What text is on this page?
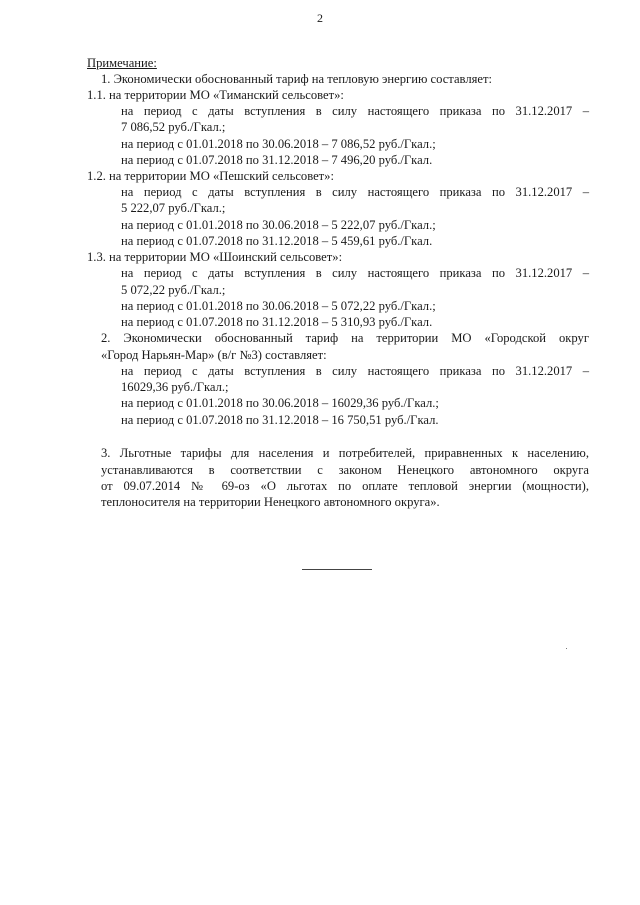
2
Примечание:
1. Экономически обоснованный тариф на тепловую энергию составляет:
1.1. на территории МО «Тиманский сельсовет»:
на период с даты вступления в силу настоящего приказа по 31.12.2017 –
7 086,52 руб./Гкал.;
на период с 01.01.2018 по 30.06.2018 – 7 086,52 руб./Гкал.;
на период с 01.07.2018 по 31.12.2018 – 7 496,20 руб./Гкал.
1.2. на территории МО «Пешский сельсовет»:
на период с даты вступления в силу настоящего приказа по 31.12.2017 –
5 222,07 руб./Гкал.;
на период с 01.01.2018 по 30.06.2018 – 5 222,07 руб./Гкал.;
на период с 01.07.2018 по 31.12.2018 – 5 459,61 руб./Гкал.
1.3. на территории МО «Шоинский сельсовет»:
на период с даты вступления в силу настоящего приказа по 31.12.2017 –
5 072,22 руб./Гкал.;
на период с 01.01.2018 по 30.06.2018 – 5 072,22 руб./Гкал.;
на период с 01.07.2018 по 31.12.2018 – 5 310,93 руб./Гкал.
2. Экономически обоснованный тариф на территории МО «Городской округ
«Город Нарьян-Мар» (в/г №3) составляет:
на период с даты вступления в силу настоящего приказа по 31.12.2017 –
16029,36 руб./Гкал.;
на период с 01.01.2018 по 30.06.2018 – 16029,36 руб./Гкал.;
на период с 01.07.2018 по 31.12.2018 – 16 750,51 руб./Гкал.
3. Льготные тарифы для населения и потребителей, приравненных к населению,
устанавливаются в соответствии с законом Ненецкого автономного округа
от 09.07.2014 № 69-оз «О льготах по оплате тепловой энергии (мощности),
теплоносителя на территории Ненецкого автономного округа».
